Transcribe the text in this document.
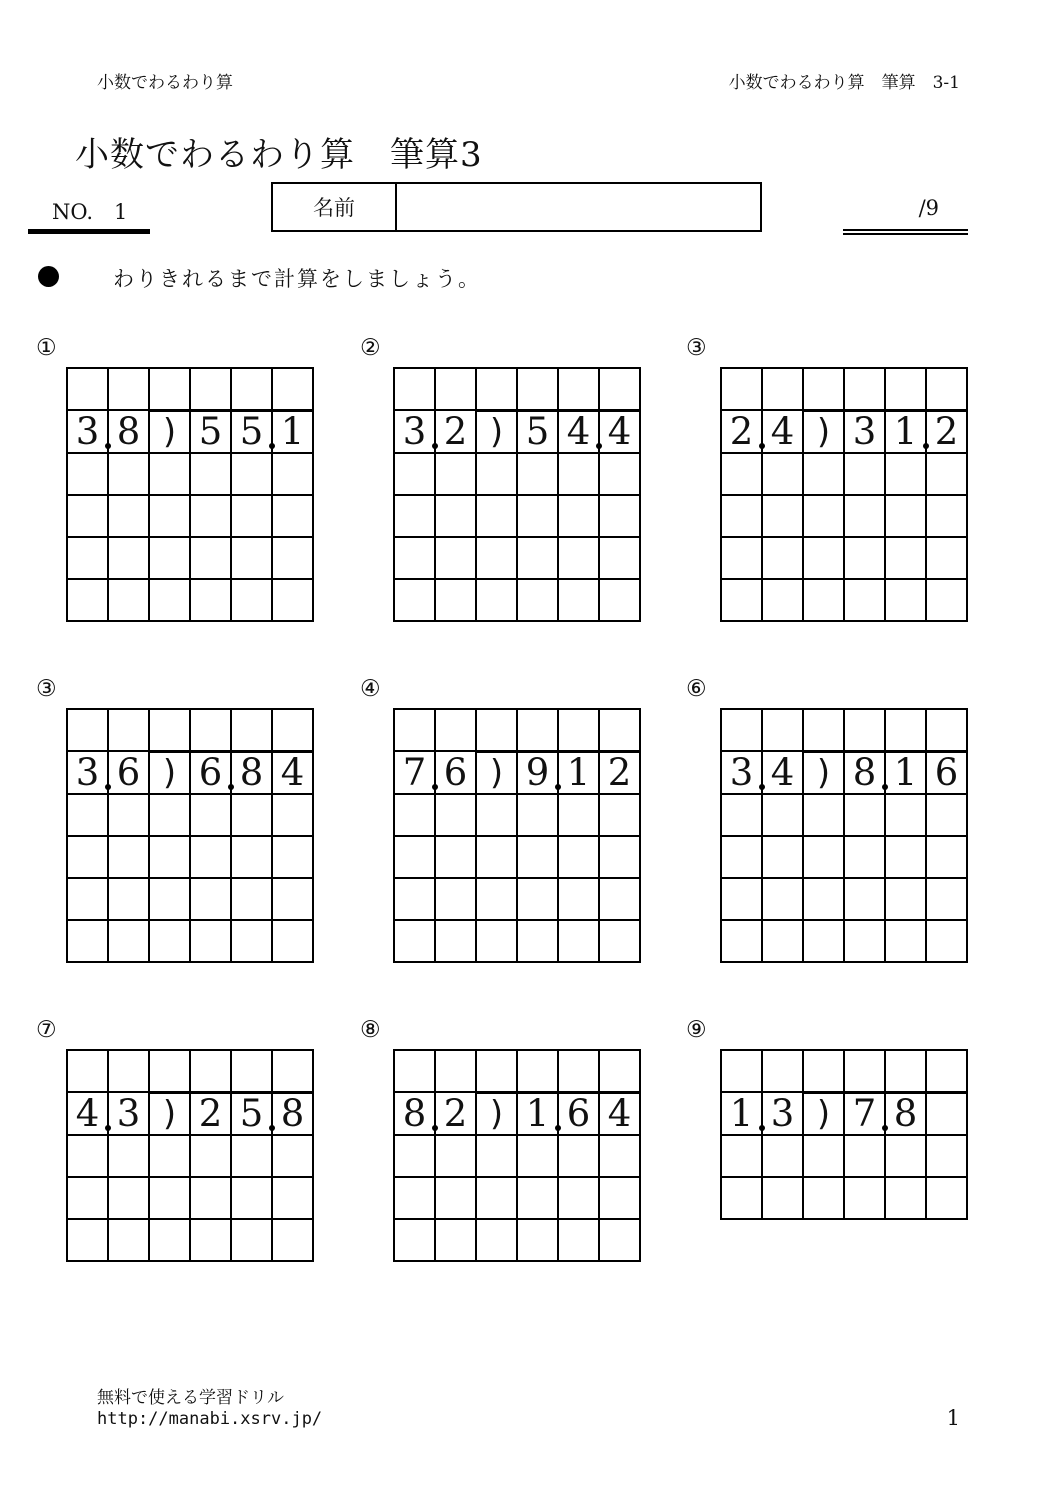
小数でわるわり算	小数でわるわり算　筆算　3-1
小数でわるわり算　筆算3
NO.　1	名前	/9
わりきれるまで計算をしましょう。
①

3	8	)	5	5	1

②

3	2	)	5	4	4

③

2	4	)	3	1	2

③

3	6	)	6	8	4

④

7	6	)	9	1	2

⑥

3	4	)	8	1	6

⑦

4	3	)	2	5	8

⑧

8	2	)	1	6	4

⑨

1	3	)	7	8

無料で使える学習ドリル
http://manabi.xsrv.jp/	1
